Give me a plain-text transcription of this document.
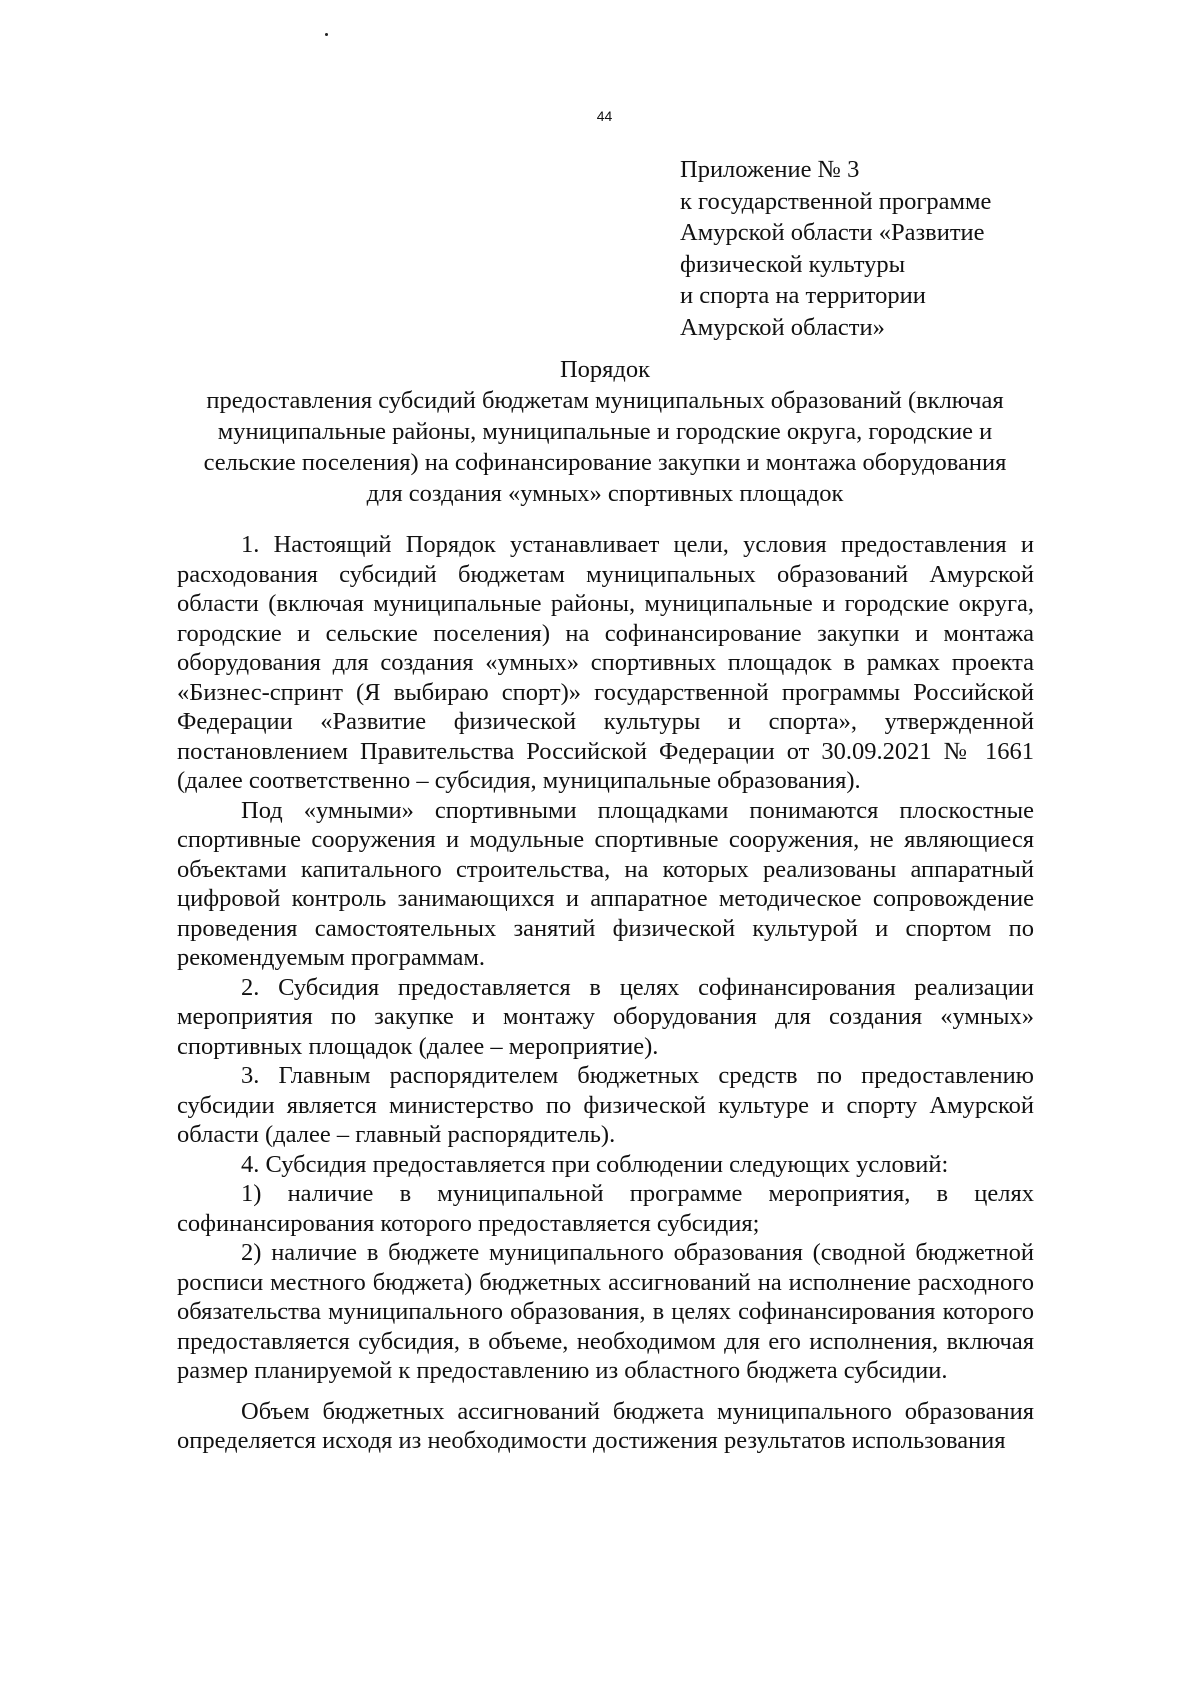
44
Приложение № 3
к государственной программе
Амурской области «Развитие
физической культуры
и спорта на территории
Амурской области»
Порядок
предоставления субсидий бюджетам муниципальных образований (включая
муниципальные районы, муниципальные и городские округа, городские и
сельские поселения) на софинансирование закупки и монтажа оборудования
для создания «умных» спортивных площадок

1. Настоящий Порядок устанавливает цели, условия предоставления и расходования субсидий бюджетам муниципальных образований Амурской области (включая муниципальные районы, муниципальные и городские округа, городские и сельские поселения) на софинансирование закупки и монтажа оборудования для создания «умных» спортивных площадок в рамках проекта «Бизнес-спринт (Я выбираю спорт)» государственной программы Российской Федерации «Развитие физической культуры и спорта», утвержденной постановлением Правительства Российской Федерации от 30.09.2021 № 1661 (далее соответственно – субсидия, муниципальные образования).

Под «умными» спортивными площадками понимаются плоскостные спортивные сооружения и модульные спортивные сооружения, не являющиеся объектами капитального строительства, на которых реализованы аппаратный цифровой контроль занимающихся и аппаратное методическое сопровождение проведения самостоятельных занятий физической культурой и спортом по рекомендуемым программам.

2. Субсидия предоставляется в целях софинансирования реализации мероприятия по закупке и монтажу оборудования для создания «умных» спортивных площадок (далее – мероприятие).

3. Главным распорядителем бюджетных средств по предоставлению субсидии является министерство по физической культуре и спорту Амурской области (далее – главный распорядитель).

4. Субсидия предоставляется при соблюдении следующих условий:

1) наличие в муниципальной программе мероприятия, в целях софинансирования которого предоставляется субсидия;

2) наличие в бюджете муниципального образования (сводной бюджетной росписи местного бюджета) бюджетных ассигнований на исполнение расходного обязательства муниципального образования, в целях софинансирования которого предоставляется субсидия, в объеме, необходимом для его исполнения, включая размер планируемой к предоставлению из областного бюджета субсидии.

Объем бюджетных ассигнований бюджета муниципального образования определяется исходя из необходимости достижения результатов использования
